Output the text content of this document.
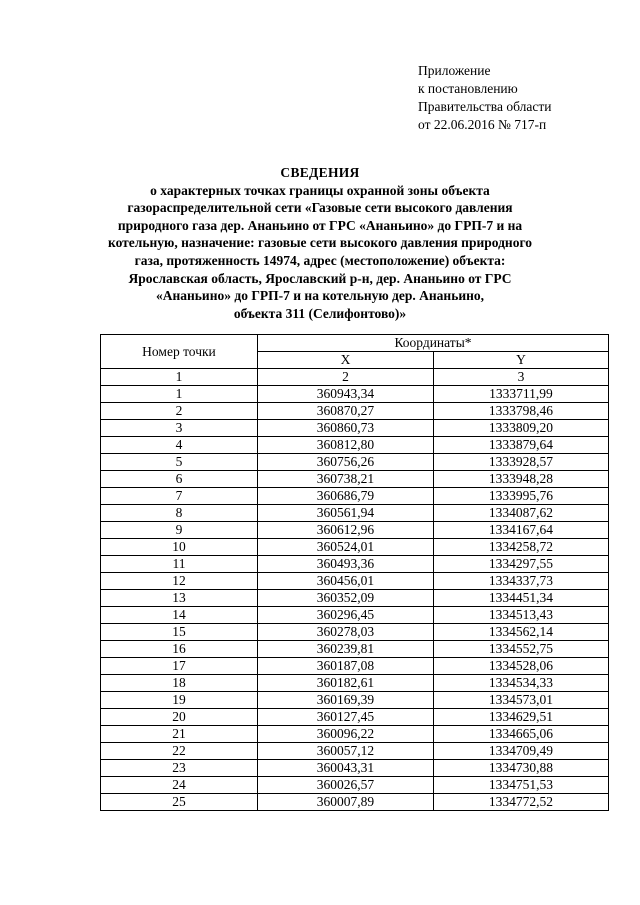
Приложение
к постановлению
Правительства области
от 22.06.2016 № 717-п
СВЕДЕНИЯ
о характерных точках границы охранной зоны объекта
газораспределительной сети «Газовые сети высокого давления
природного газа дер. Ананьино от ГРС «Ананьино» до ГРП-7 и на
котельную, назначение: газовые сети высокого давления природного
газа, протяженность 14974, адрес (местоположение) объекта:
Ярославская область, Ярославский р-н, дер. Ананьино от ГРС
«Ананьино» до ГРП-7 и на котельную дер. Ананьино,
объекта 311 (Селифонтово)»
Номер точки	Координаты*	
	X	Y
1	2	3
1	360943,34	1333711,99
2	360870,27	1333798,46
3	360860,73	1333809,20
4	360812,80	1333879,64
5	360756,26	1333928,57
6	360738,21	1333948,28
7	360686,79	1333995,76
8	360561,94	1334087,62
9	360612,96	1334167,64
10	360524,01	1334258,72
11	360493,36	1334297,55
12	360456,01	1334337,73
13	360352,09	1334451,34
14	360296,45	1334513,43
15	360278,03	1334562,14
16	360239,81	1334552,75
17	360187,08	1334528,06
18	360182,61	1334534,33
19	360169,39	1334573,01
20	360127,45	1334629,51
21	360096,22	1334665,06
22	360057,12	1334709,49
23	360043,31	1334730,88
24	360026,57	1334751,53
25	360007,89	1334772,52
